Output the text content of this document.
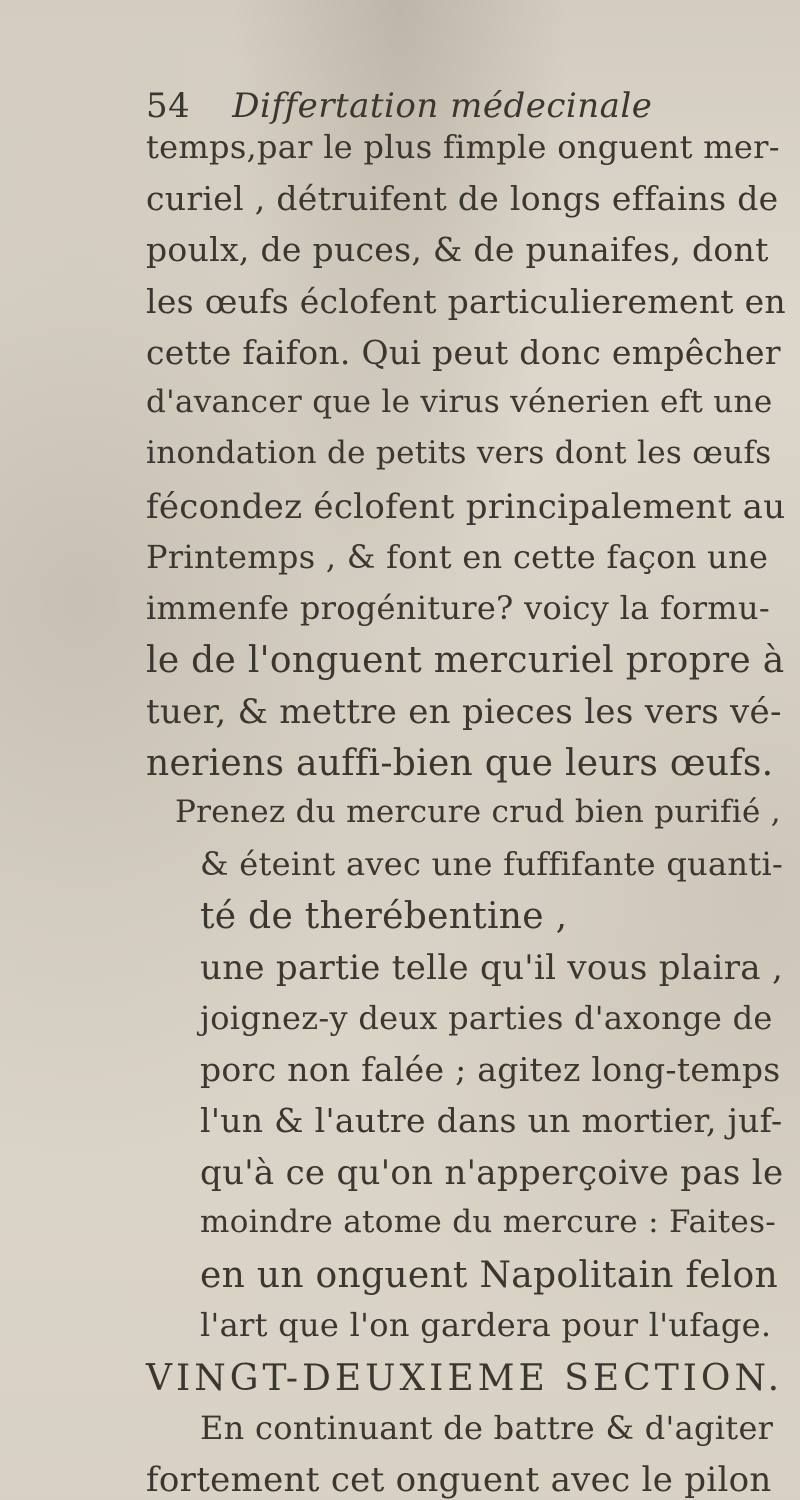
54 Differtation médecinale
temps,par le plus fimple onguent mer-
curiel , détruifent de longs effains de
poulx, de puces, & de punaifes, dont
les œufs éclofent particulierement en
cette faifon. Qui peut donc empêcher
d'avancer que le virus vénerien eft une
inondation de petits vers dont les œufs
fécondez éclofent principalement au
Printemps , & font en cette façon une
immenfe progéniture? voicy la formu-
le de l'onguent mercuriel propre à
tuer, & mettre en pieces les vers vé-
neriens auffi-bien que leurs œufs.
Prenez du mercure crud bien purifié ,
& éteint avec une fuffifante quanti-
té de therébentine ,
une partie telle qu'il vous plaira ,
joignez-y deux parties d'axonge de
porc non falée ; agitez long-temps
l'un & l'autre dans un mortier, juf-
qu'à ce qu'on n'apperçoive pas le
moindre atome du mercure : Faites-
en un onguent Napolitain felon
l'art que l'on gardera pour l'ufage.
VINGT-DEUXIEME SECTION.
En continuant de battre & d'agiter
fortement cet onguent avec le pilon
